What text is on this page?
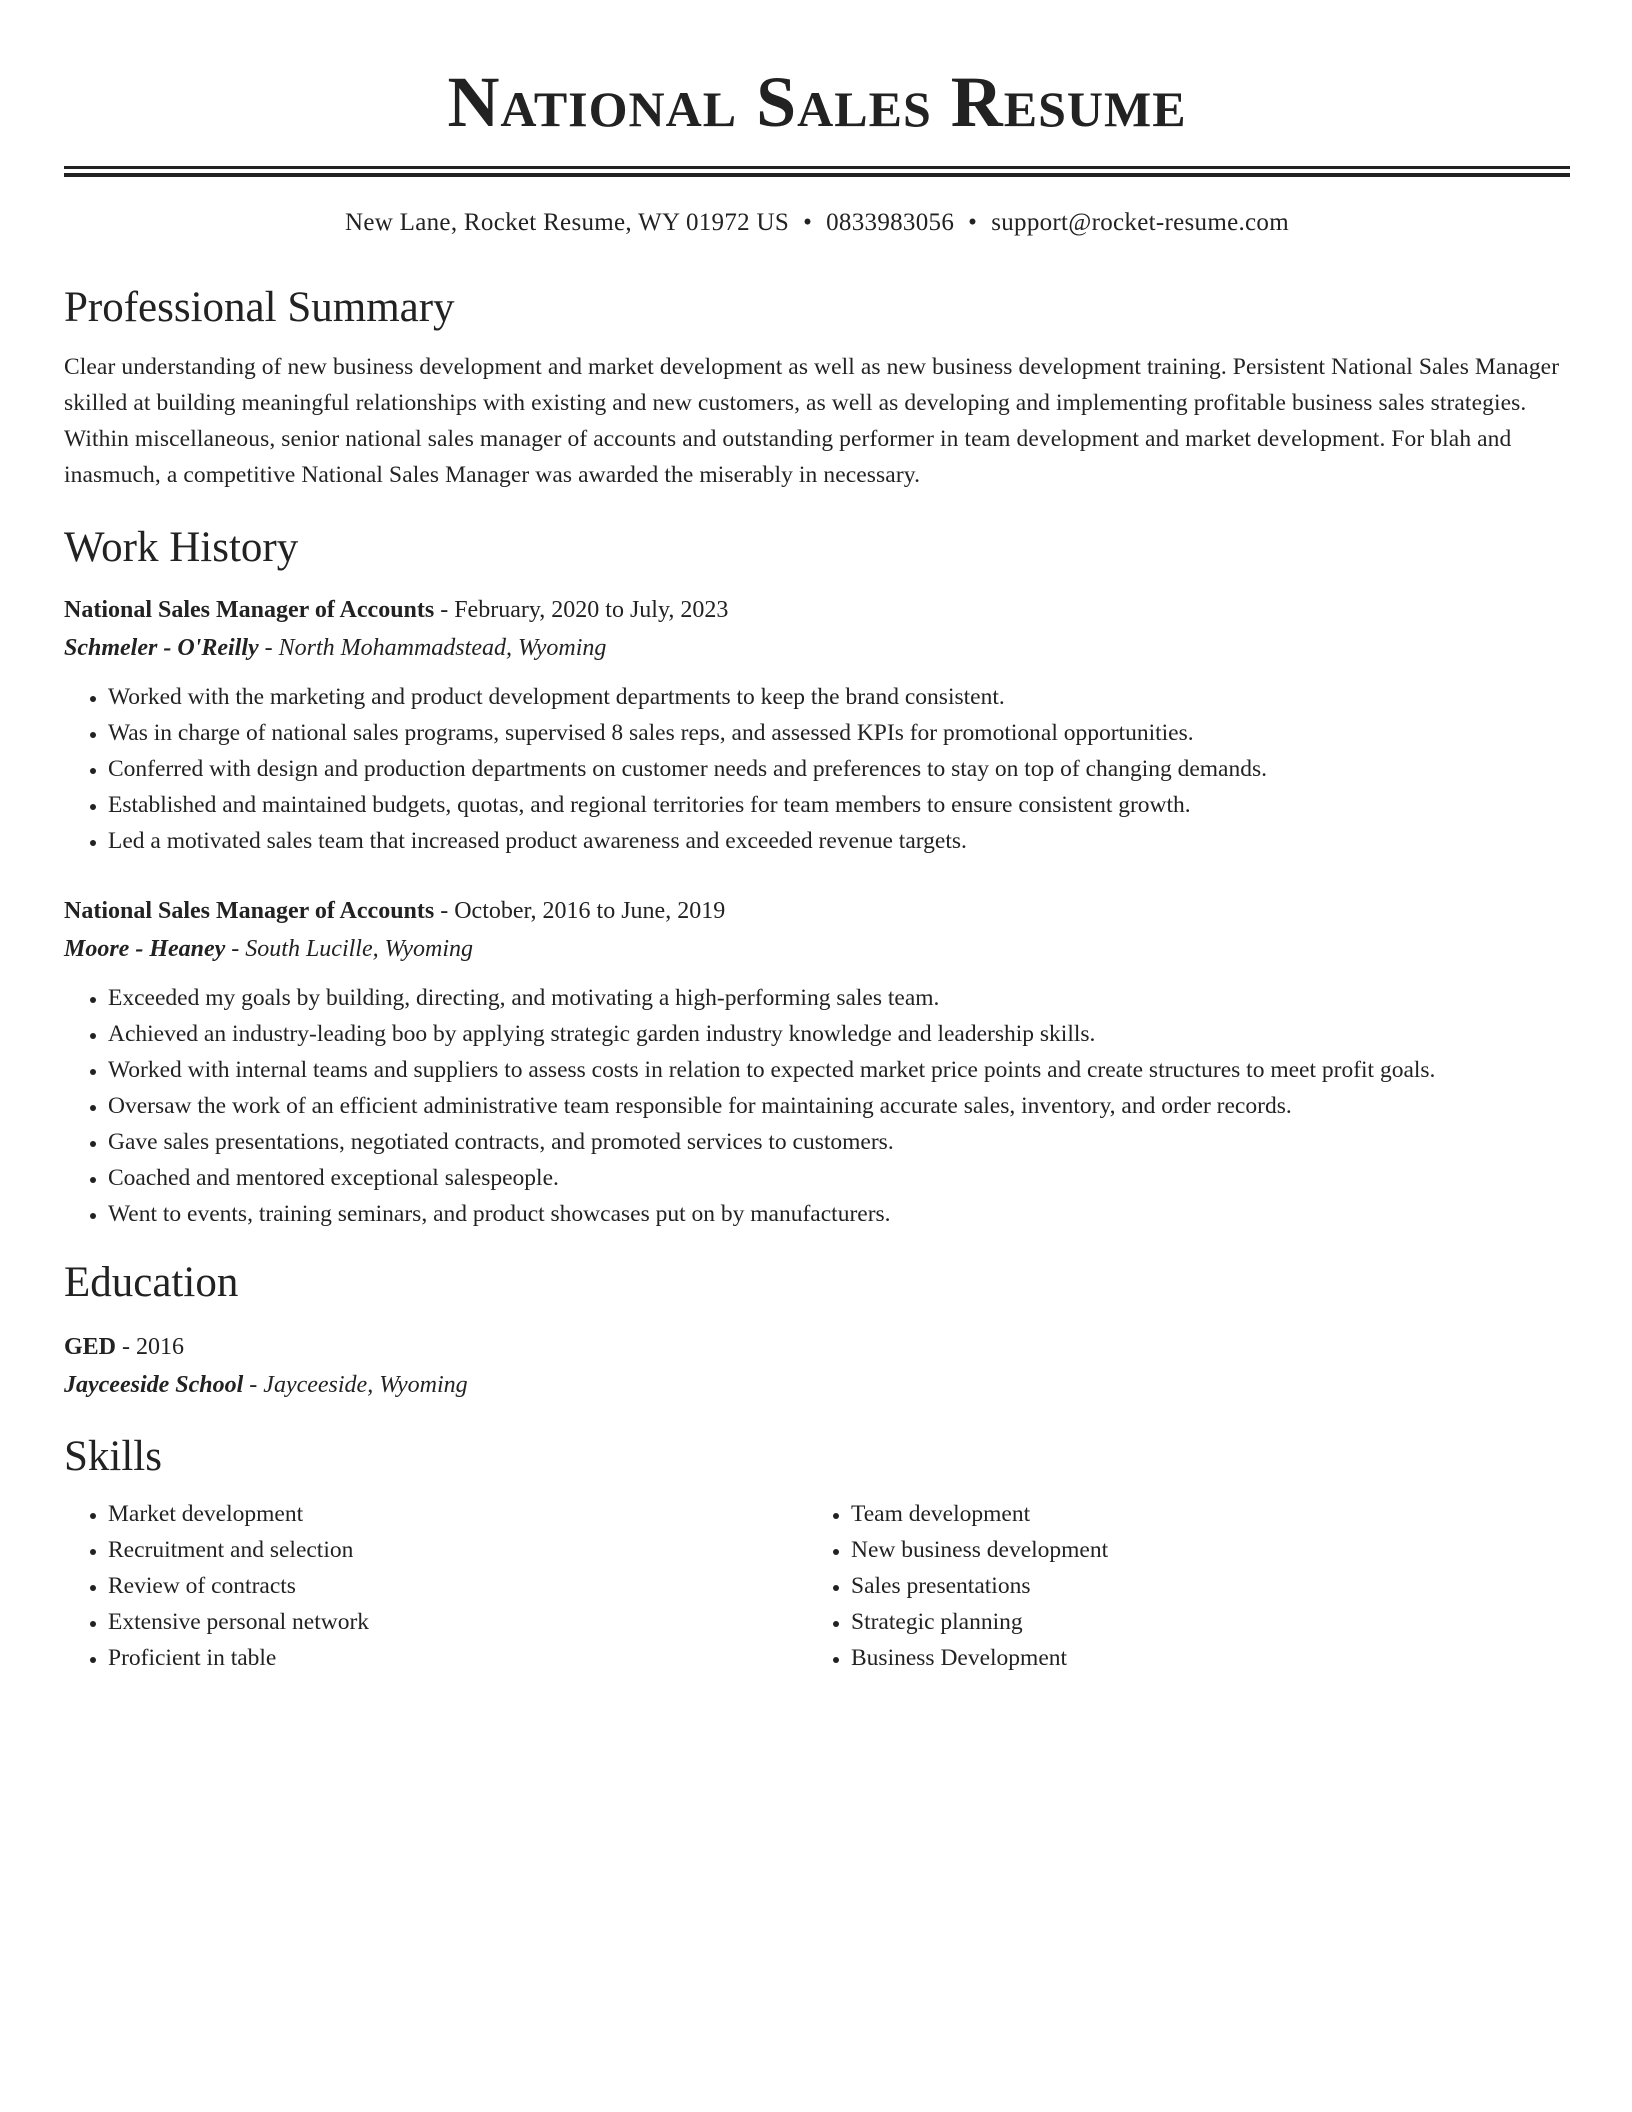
National Sales Resume
New Lane, Rocket Resume, WY 01972 US • 0833983056 • support@rocket-resume.com
Professional Summary
Clear understanding of new business development and market development as well as new business development training. Persistent National Sales Manager skilled at building meaningful relationships with existing and new customers, as well as developing and implementing profitable business sales strategies. Within miscellaneous, senior national sales manager of accounts and outstanding performer in team development and market development. For blah and inasmuch, a competitive National Sales Manager was awarded the miserably in necessary.
Work History
National Sales Manager of Accounts - February, 2020 to July, 2023
Schmeler - O'Reilly - North Mohammadstead, Wyoming
• Worked with the marketing and product development departments to keep the brand consistent.
• Was in charge of national sales programs, supervised 8 sales reps, and assessed KPIs for promotional opportunities.
• Conferred with design and production departments on customer needs and preferences to stay on top of changing demands.
• Established and maintained budgets, quotas, and regional territories for team members to ensure consistent growth.
• Led a motivated sales team that increased product awareness and exceeded revenue targets.
National Sales Manager of Accounts - October, 2016 to June, 2019
Moore - Heaney - South Lucille, Wyoming
• Exceeded my goals by building, directing, and motivating a high-performing sales team.
• Achieved an industry-leading boo by applying strategic garden industry knowledge and leadership skills.
• Worked with internal teams and suppliers to assess costs in relation to expected market price points and create structures to meet profit goals.
• Oversaw the work of an efficient administrative team responsible for maintaining accurate sales, inventory, and order records.
• Gave sales presentations, negotiated contracts, and promoted services to customers.
• Coached and mentored exceptional salespeople.
• Went to events, training seminars, and product showcases put on by manufacturers.
Education
GED - 2016
Jayceeside School - Jayceeside, Wyoming
Skills
• Market development
• Recruitment and selection
• Review of contracts
• Extensive personal network
• Proficient in table
• Team development
• New business development
• Sales presentations
• Strategic planning
• Business Development
